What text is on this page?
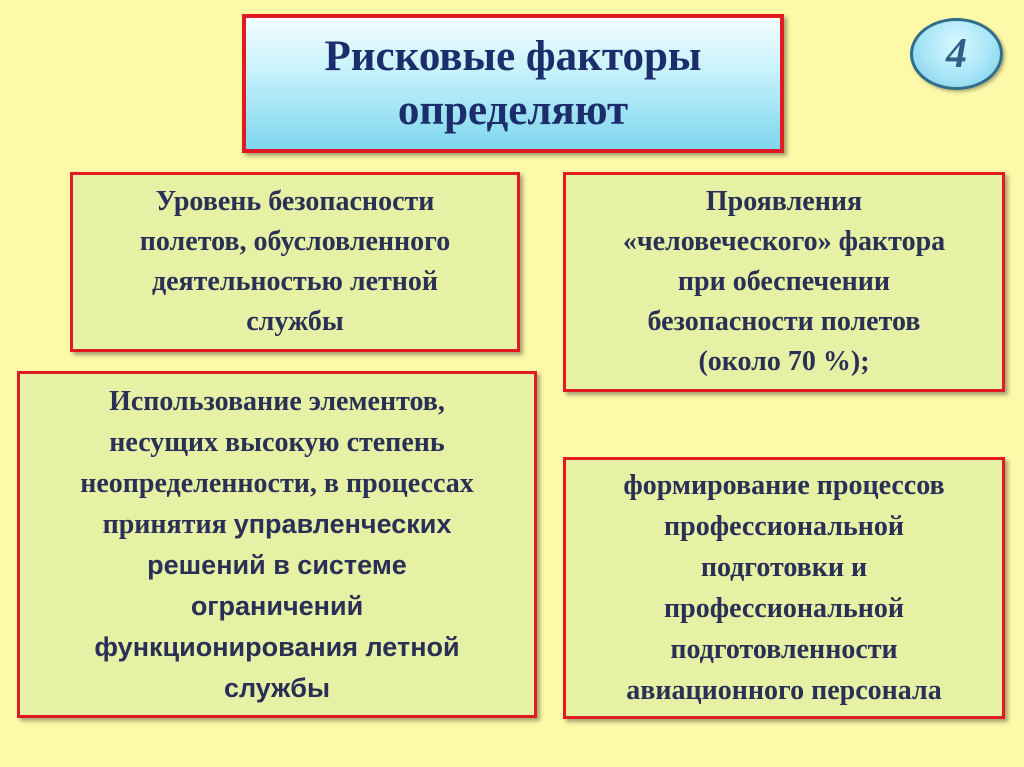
Рисковые факторы
определяют
4
Уровень безопасности
полетов, обусловленного
деятельностью летной
службы
Проявления
«человеческого» фактора
при обеспечении
безопасности полетов
(около 70 %);
Использование элементов,
несущих высокую степень
неопределенности, в процессах
принятия управленческих
решений в системе
ограничений
функционирования летной
службы
формирование процессов
профессиональной
подготовки и
профессиональной
подготовленности
авиационного персонала
